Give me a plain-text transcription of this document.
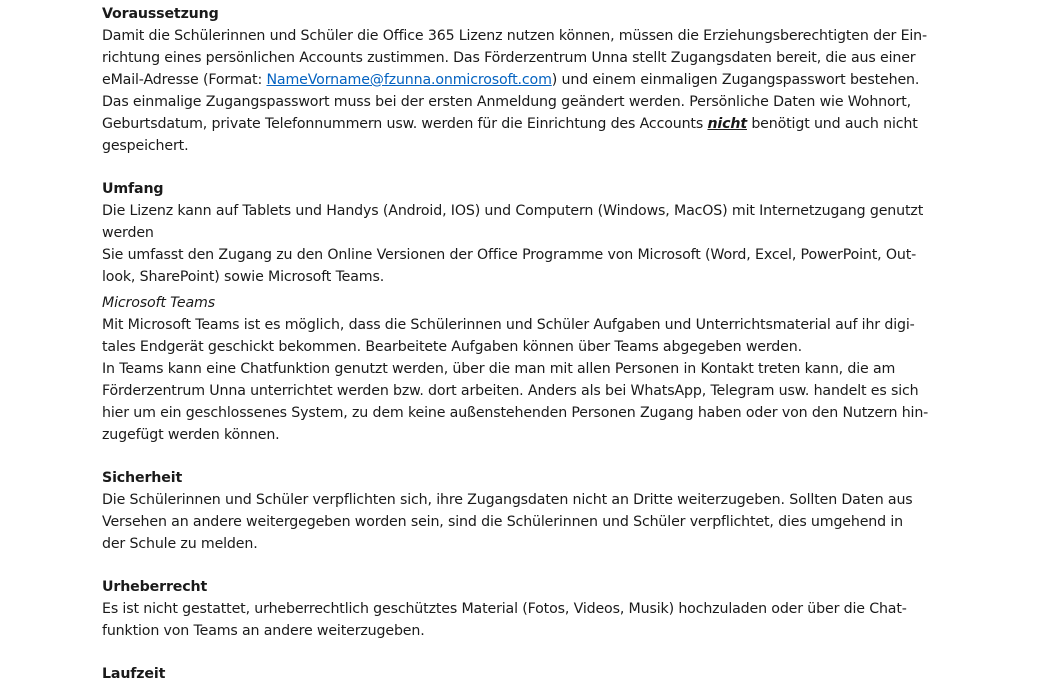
Voraussetzung
Damit die Schülerinnen und Schüler die Office 365 Lizenz nutzen können, müssen die Erziehungsberechtigten der Ein-
richtung eines persönlichen Accounts zustimmen. Das Förderzentrum Unna stellt Zugangsdaten bereit, die aus einer
eMail-Adresse (Format: NameVorname@fzunna.onmicrosoft.com) und einem einmaligen Zugangspasswort bestehen.
Das einmalige Zugangspasswort muss bei der ersten Anmeldung geändert werden. Persönliche Daten wie Wohnort,
Geburtsdatum, private Telefonnummern usw. werden für die Einrichtung des Accounts nicht benötigt und auch nicht
gespeichert.
Umfang
Die Lizenz kann auf Tablets und Handys (Android, IOS) und Computern (Windows, MacOS) mit Internetzugang genutzt
werden
Sie umfasst den Zugang zu den Online Versionen der Office Programme von Microsoft (Word, Excel, PowerPoint, Out-
look, SharePoint) sowie Microsoft Teams.
Microsoft Teams
Mit Microsoft Teams ist es möglich, dass die Schülerinnen und Schüler Aufgaben und Unterrichtsmaterial auf ihr digi-
tales Endgerät geschickt bekommen. Bearbeitete Aufgaben können über Teams abgegeben werden.
In Teams kann eine Chatfunktion genutzt werden, über die man mit allen Personen in Kontakt treten kann, die am
Förderzentrum Unna unterrichtet werden bzw. dort arbeiten. Anders als bei WhatsApp, Telegram usw. handelt es sich
hier um ein geschlossenes System, zu dem keine außenstehenden Personen Zugang haben oder von den Nutzern hin-
zugefügt werden können.
Sicherheit
Die Schülerinnen und Schüler verpflichten sich, ihre Zugangsdaten nicht an Dritte weiterzugeben. Sollten Daten aus
Versehen an andere weitergegeben worden sein, sind die Schülerinnen und Schüler verpflichtet, dies umgehend in
der Schule zu melden.
Urheberrecht
Es ist nicht gestattet, urheberrechtlich geschütztes Material (Fotos, Videos, Musik) hochzuladen oder über die Chat-
funktion von Teams an andere weiterzugeben.
Laufzeit
